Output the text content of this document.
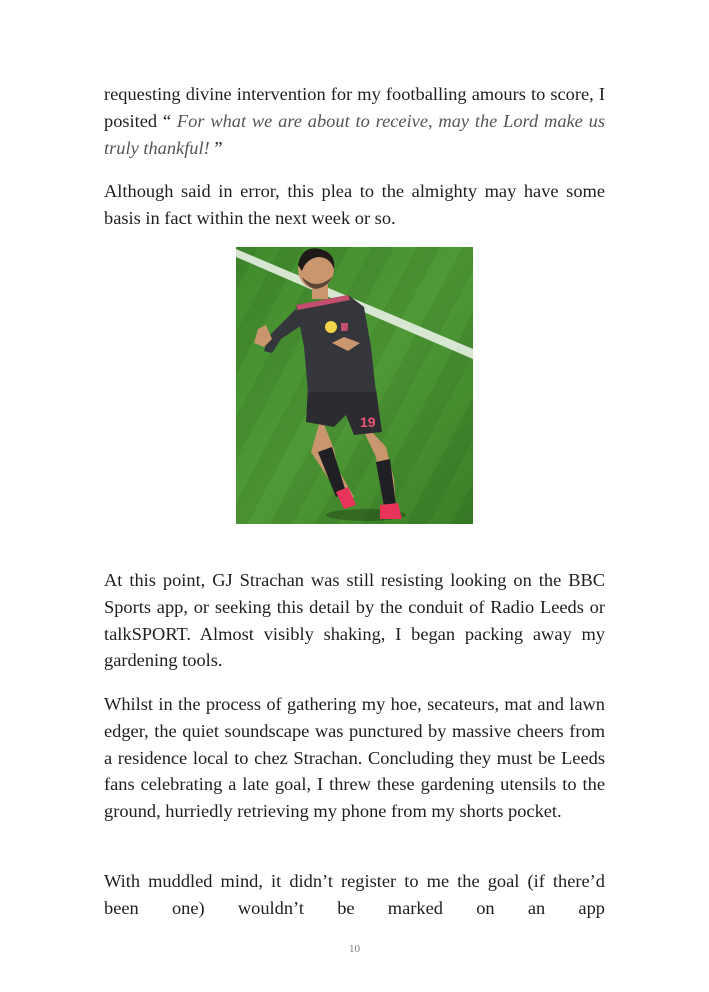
requesting divine intervention for my footballing amours to score, I posited “ For what we are about to receive, may the Lord make us truly thankful! ”

Although said in error, this plea to the almighty may have some basis in fact within the next week or so.

19

At this point, GJ Strachan was still resisting looking on the BBC Sports app, or seeking this detail by the conduit of Radio Leeds or talkSPORT. Almost visibly shaking, I began packing away my gardening tools.

Whilst in the process of gathering my hoe, secateurs, mat and lawn edger, the quiet soundscape was punctured by massive cheers from a residence local to chez Strachan. Concluding they must be Leeds fans celebrating a late goal, I threw these gardening utensils to the ground, hurriedly retrieving my phone from my shorts pocket.

With muddled mind, it didn’t register to me the goal (if there’d been one) wouldn’t be marked on an app

10
